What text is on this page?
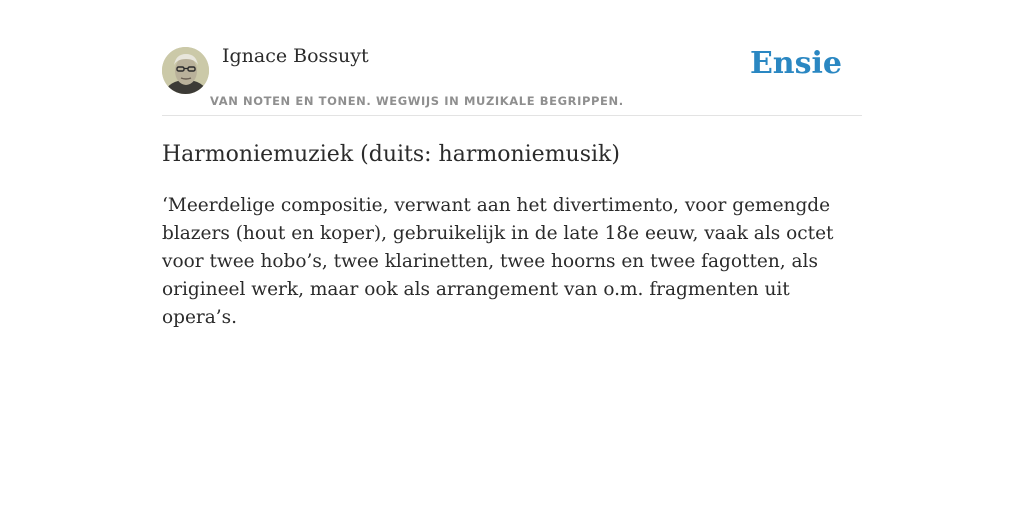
Ignace Bossuyt
VAN NOTEN EN TONEN. WEGWIJS IN MUZIKALE BEGRIPPEN.
Ensie
Harmoniemuziek (duits: harmoniemusik)

‘Meerdelige compositie, verwant aan het divertimento, voor gemengde blazers (hout en koper), gebruikelijk in de late 18e eeuw, vaak als octet voor twee hobo’s, twee klarinetten, twee hoorns en twee fagotten, als origineel werk, maar ook als arrangement van o.m. fragmenten uit opera’s.
